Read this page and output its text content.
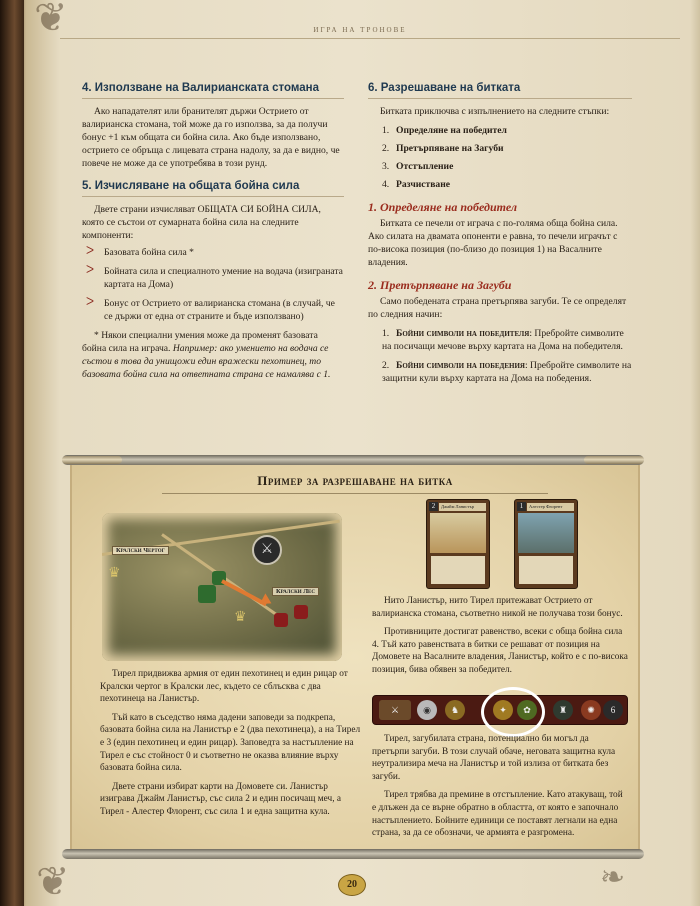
❦
❦	❧
ИГРА НА ТРОНОВЕ
4. Използване на Валирианската стомана

Ако нападателят или бранителят държи Острието от валирианска стомана, той може да го използва, за да получи бонус +1 към общата си бойна сила. Ако бъде използвано, острието се обръща с лицевата страна надолу, за да е видно, че повече не може да се употребява в този рунд.

5. Изчисляване на общата бойна сила

Двете страни изчисляват ОБЩАТА СИ БОЙНА СИЛА, която се състои от сумарната бойна сила на следните компоненти:

ᐳ Базовата бойна сила *
ᐳ Бойната сила и специалното умение на водача (изиграната картата на Дома)
ᐳ Бонус от Острието от валирианска стомана (в случай, че се държи от една от страните и бъде използвано)

* Някои специални умения може да променят базовата бойна сила на играча. Например: ако умението на водача се състои в това да унищожи един вражески пехотинец, то базовата бойна сила на ответната страна се намалява с 1.

6. Разрешаване на битката

Битката приключва с изпълнението на следните стъпки:

1. Определяне на победител
2. Претърпяване на Загуби
3. Отстъпление
4. Разчистване
1. Определяне на победител

Битката се печели от играча с по-голяма обща бойна сила. Ако силата на двамата опоненти е равна, то печели играчът с по-висока позиция (по-близо до позиция 1) на Васалните владения.

2. Претърпяване на Загуби

Само победената страна претърпява загуби. Те се определят по следния начин:

1. Бойни символи на победителя: Пребройте символите на посичащи мечове върху картата на Дома на победителя.
2. Бойни символи на победения: Пребройте символите на защитни кули върху картата на Дома на победения.
Пример за разрешаване на битка
Кралски Чертог
Кралски Лес
♛
♛
⚔
2	Джайм Ланистър	1	Алестер Флорент

Тирел придвижва армия от един пехотинец и един рицар от Кралски чертог в Кралски лес, където се сблъсква с два пехотинеца на Ланистър.

Тъй като в съседство няма дадени заповеди за подкрепа, базовата бойна сила на Ланистър е 2 (два пехотинеца), а на Тирел е 3 (един пехотинец и един рицар). Заповедта за настъпление на Тирел е със стойност 0 и съответно не оказва влияние върху базовата бойна сила.

Двете страни избират карти на Домовете си. Ланистър изиграва Джайм Ланистър, със сила 2 и един посичащ меч, а Тирел - Алестер Флорент, със сила 1 и една защитна кула.

Нито Ланистър, нито Тирел притежават Острието от валирианска стомана, съответно никой не получава този бонус.

Противниците достигат равенство, всеки с обща бойна сила 4. Тъй като равенствата в битки се решават от позиция на Домовете на Васалните владения, Ланистър, който е с по-висока позиция, бива обявен за победител.

⚔	◉	♞	✦	✿	♜	✺	6

Тирел, загубилата страна, потенциално би могъл да претърпи загуби. В този случай обаче, неговата защитна кула неутрализира меча на Ланистър и той излиза от битката без загуби.

Тирел трябва да премине в отстъпление. Като атакуващ, той е длъжен да се върне обратно в областта, от която е започнало настъплението. Бойните единици се поставят легнали на една страна, за да се обозначи, че армията е разгромена.

20
